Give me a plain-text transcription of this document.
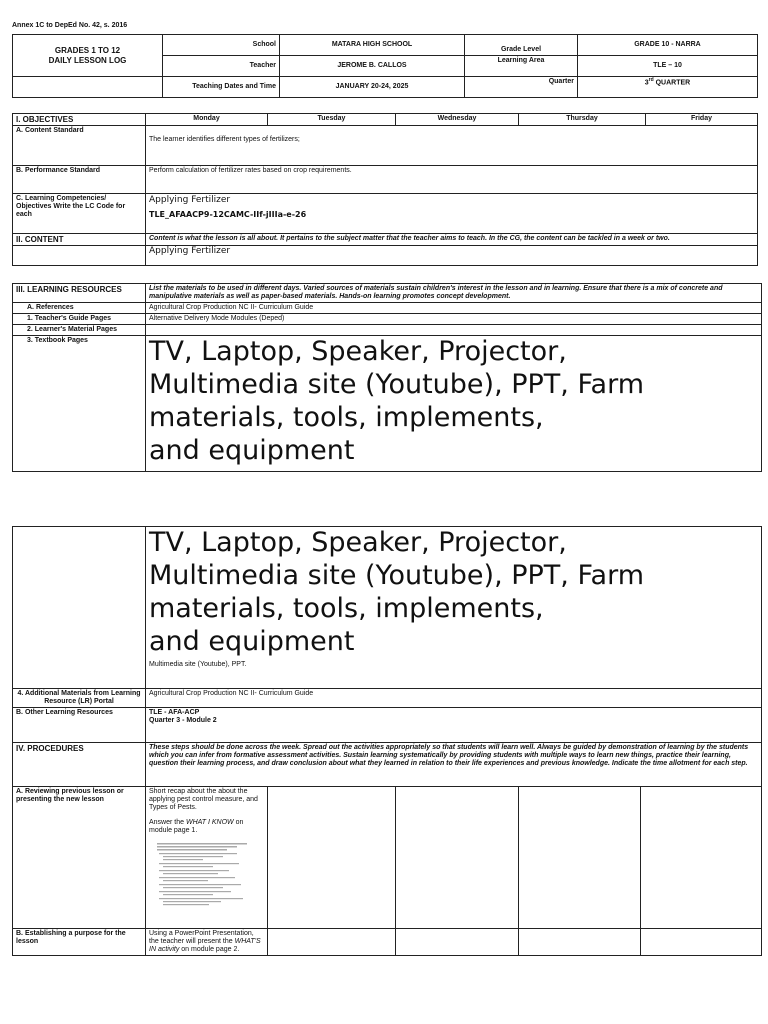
Annex 1C to DepEd No. 42, s. 2016
GRADES 1 TO 12
DAILY LESSON LOG	School	MATARA HIGH SCHOOL	Grade Level	GRADE 10 - NARRA
	Teacher	JEROME B. CALLOS	Learning Area	TLE – 10
	Teaching Dates and Time	JANUARY 20-24, 2025	Quarter	3rd QUARTER
I. OBJECTIVES	Monday	Tuesday	Wednesday	Thursday	Friday
A. Content Standard	The learner identifies different types of fertilizers;				
B. Performance Standard	Perform calculation of fertilizer rates based on crop requirements.				
C. Learning Competencies/ Objectives Write the LC Code for each	Applying Fertilizer
TLE_AFAACP9-12CAMC-IIf-jIIIa-e-26				

II. CONTENT	Content is what the lesson is all about. It pertains to the subject matter that the teacher aims to teach. In the CG, the content can be tackled in a week or two.				
	Applying Fertilizer				
III. LEARNING RESOURCES	List the materials to be used in different days. Varied sources of materials sustain children's interest in the lesson and in learning. Ensure that there is a mix of concrete and manipulative materials as well as paper-based materials. Hands-on learning promotes concept development.
A. References	Agricultural Crop Production NC II- Curriculum Guide
1. Teacher's Guide Pages	Alternative Delivery Mode Modules (Deped)
2. Learner's Material Pages	
3. Textbook Pages	TV, Laptop, Speaker, Projector,
Multimedia site (Youtube), PPT, Farm
materials, tools, implements,
and equipment

	TV, Laptop, Speaker, Projector,
Multimedia site (Youtube), PPT, Farm
materials, tools, implements,
and equipment
Multimedia site (Youtube), PPT.				

4. Additional Materials from Learning Resource (LR) Portal	Agricultural Crop Production NC II- Curriculum Guide				
B. Other Learning Resources	TLE - AFA-ACP
Quarter 3 - Module 2				

IV. PROCEDURES	These steps should be done across the week. Spread out the activities appropriately so that students will learn well. Always be guided by demonstration of learning by the students which you can infer from formative assessment activities. Sustain learning systematically by providing students with multiple ways to learn new things, practice their learning, question their learning process, and draw conclusion about what they learned in relation to their life experiences and previous knowledge. Indicate the time allotment for each step.				
A. Reviewing previous lesson or presenting the new lesson	Short recap about the about the applying pest control measure, and Types of Pests.
Answer the WHAT I KNOW on module page 1.				

B. Establishing a purpose for the lesson	Using a PowerPoint Presentation, the teacher will present the WHAT'S IN activity on module page 2.				
